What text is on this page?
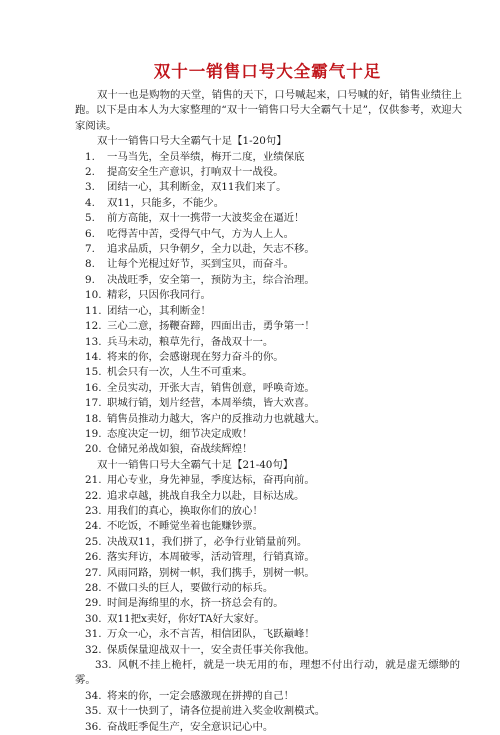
双十一销售口号大全霸气十足

双十一也是购物的天堂，销售的天下，口号喊起来，口号喊的好，销售业绩往上跑。以下是由本人为大家整理的“双十一销售口号大全霸气十足”，仅供参考，欢迎大家阅读。

双十一销售口号大全霸气十足【1-20句】

1. 一马当先，全员举绩，梅开二度，业绩保底

2. 提高安全生产意识，打响双十一战役。

3. 团结一心，其利断金，双11我们来了。

4. 双11，只能多，不能少。

5. 前方高能，双十一携带一大波奖金在逼近！

6. 吃得苦中苦，受得气中气，方为人上人。

7. 追求品质，只争朝夕，全力以赴，矢志不移。

8. 让每个光棍过好节，买到宝贝，而奋斗。

9. 决战旺季，安全第一，预防为主，综合治理。

10. 精彩，只因你我同行。

11. 团结一心，其利断金！

12. 三心二意，扬鞭奋蹄，四面出击，勇争第一！

13. 兵马未动，粮草先行，备战双十一。

14. 将来的你，会感谢现在努力奋斗的你。

15. 机会只有一次，人生不可重来。

16. 全员实动，开张大吉，销售创意，呼唤奇迹。

17. 职城行销，划片经营，本周举绩，皆大欢喜。

18. 销售员推动力越大，客户的反推动力也就越大。

19. 态度决定一切，细节决定成败！

20. 仓储兄弟战如狼，奋战续辉煌！

双十一销售口号大全霸气十足【21-40句】

21. 用心专业，身先神显，季度达标，奋再向前。

22. 追求卓越，挑战自我全力以赴，目标达成。

23. 用我们的真心，换取你们的放心！

24. 不吃饭，不睡觉坐着也能赚钞票。

25. 决战双11，我们拼了，必争行业销量前列。

26. 落实拜访，本周破零，活动管理，行销真谛。

27. 风雨同路，别树一帜，我们携手，别树一帜。

28. 不做口头的巨人，要做行动的标兵。

29. 时间是海绵里的水，挤一挤总会有的。

30. 双11把x卖好，你好TA好大家好。

31. 万众一心，永不言苦，相信团队，飞跃巅峰！

32. 保质保量迎战双十一，安全责任事关你我他。

33. 风帆不挂上桅杆，就是一块无用的布，理想不付出行动，就是虚无缥缈的雾。

34. 将来的你，一定会感激现在拼搏的自己！

35. 双十一快到了，请各位提前进入奖金收割模式。

36. 奋战旺季促生产，安全意识记心中。
